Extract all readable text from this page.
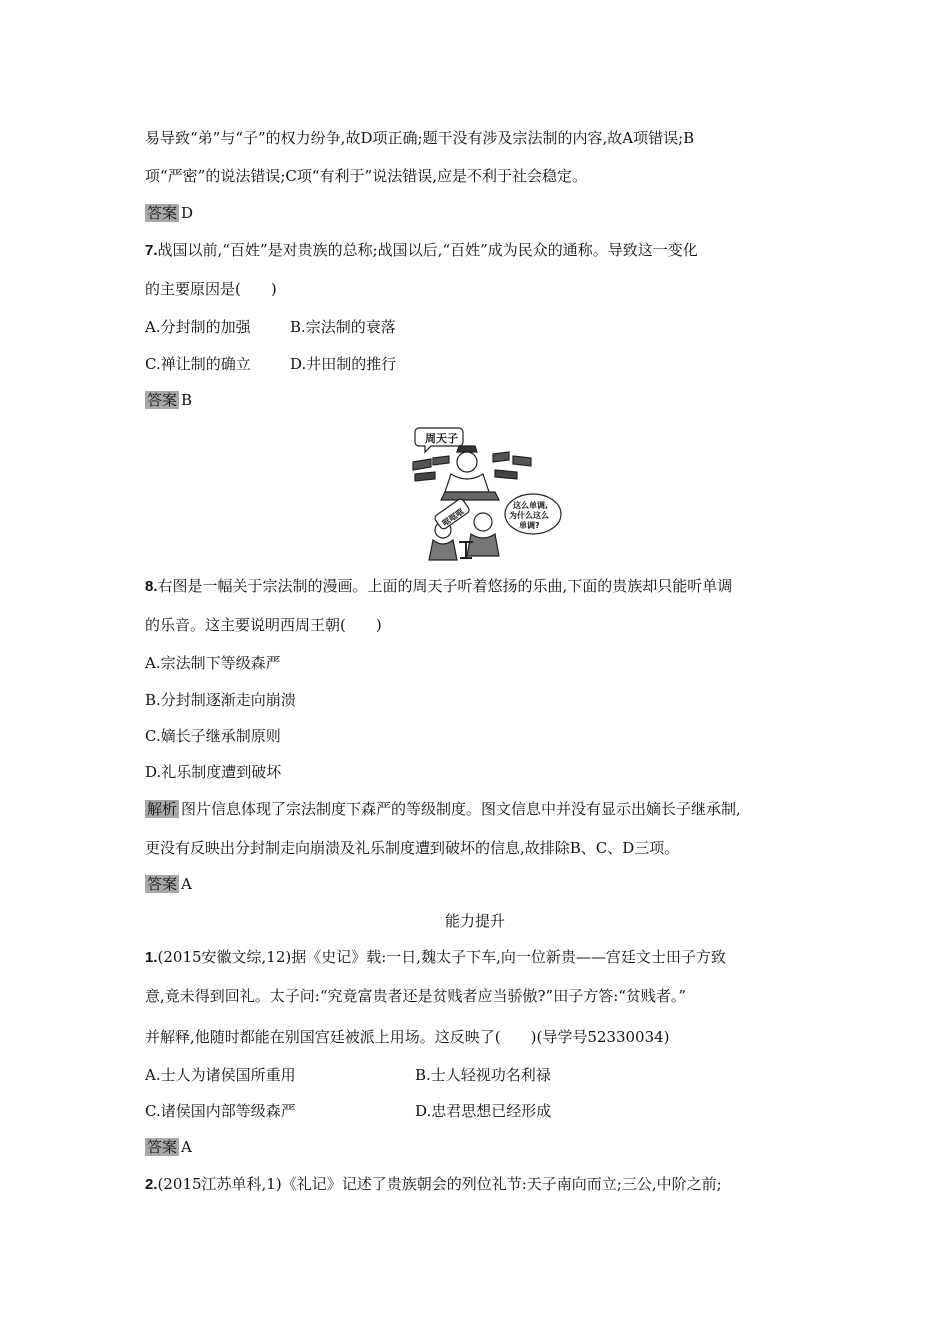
易导致“弟”与“子”的权力纷争,故D项正确;题干没有涉及宗法制的内容,故A项错误;B
项“严密”的说法错误;C项“有利于”说法错误,应是不利于社会稳定。
答案 D
7.战国以前,“百姓”是对贵族的总称;战国以后,“百姓”成为民众的通称。导致这一变化
的主要原因是(　　)
A.分封制的加强	B.宗法制的衰落
C.禅让制的确立	D.井田制的推行
答案 B
周天子
这么单调,
为什么这么
单调?
哐哐哐
8.右图是一幅关于宗法制的漫画。上面的周天子听着悠扬的乐曲,下面的贵族却只能听单调
的乐音。这主要说明西周王朝(　　)
A.宗法制下等级森严
B.分封制逐渐走向崩溃
C.嫡长子继承制原则
D.礼乐制度遭到破坏
解析 图片信息体现了宗法制度下森严的等级制度。图文信息中并没有显示出嫡长子继承制,
更没有反映出分封制走向崩溃及礼乐制度遭到破坏的信息,故排除B、C、D三项。
答案 A
能力提升
1.(2015安徽文综,12)据《史记》载:一日,魏太子下车,向一位新贵——宫廷文士田子方致
意,竟未得到回礼。太子问:“究竟富贵者还是贫贱者应当骄傲?”田子方答:“贫贱者。”
并解释,他随时都能在别国宫廷被派上用场。这反映了(　　)(导学号52330034)
A.士人为诸侯国所重用	B.士人轻视功名利禄
C.诸侯国内部等级森严	D.忠君思想已经形成
答案 A
2.(2015江苏单科,1)《礼记》记述了贵族朝会的列位礼节:天子南向而立;三公,中阶之前;
